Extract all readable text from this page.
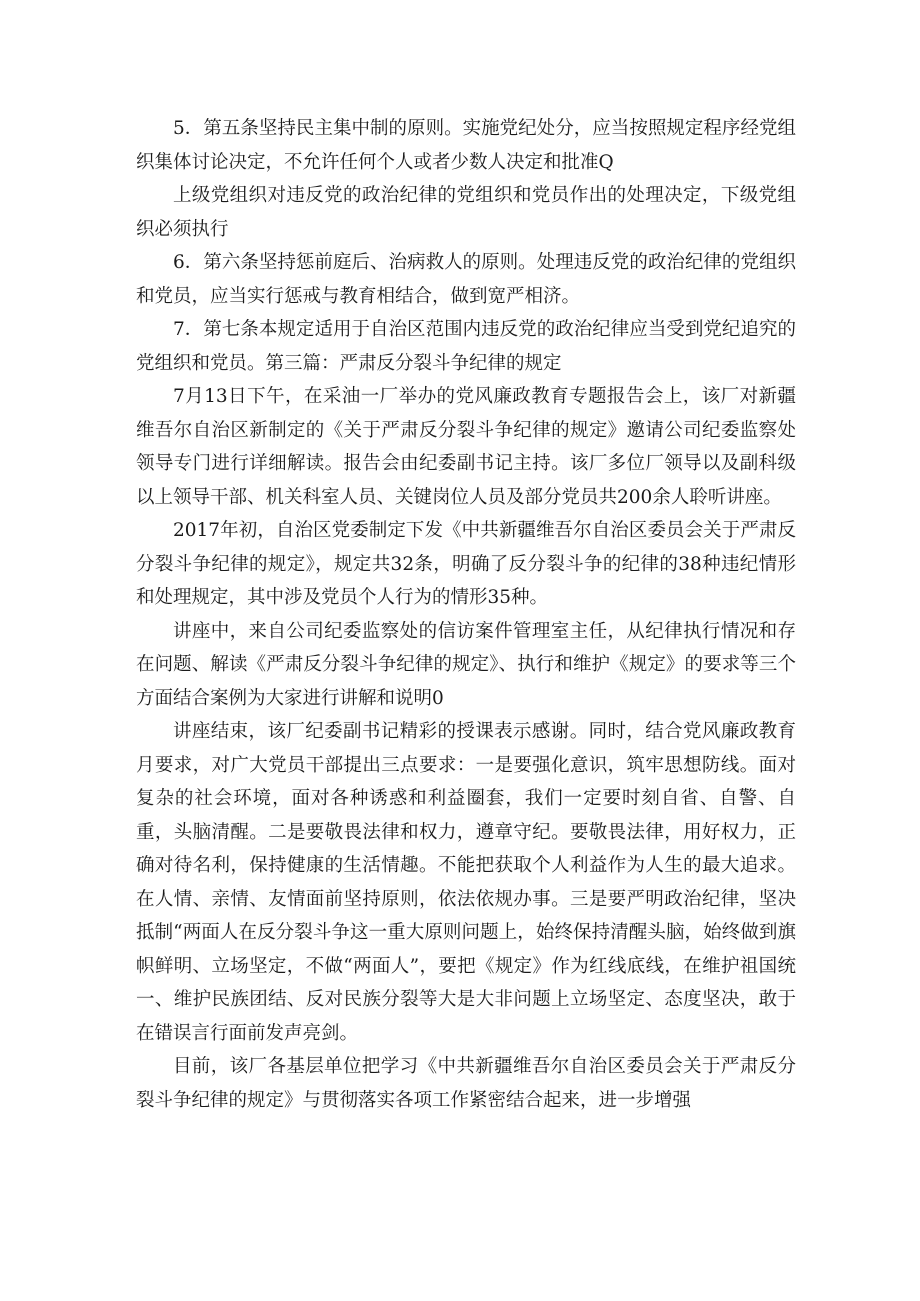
5．第五条坚持民主集中制的原则。实施党纪处分，应当按照规定程序经党组织集体讨论决定，不允许任何个人或者少数人决定和批准Q

上级党组织对违反党的政治纪律的党组织和党员作出的处理决定，下级党组织必须执行

6．第六条坚持惩前庭后、治病救人的原则。处理违反党的政治纪律的党组织和党员，应当实行惩戒与教育相结合，做到宽严相济。

7．第七条本规定适用于自治区范围内违反党的政治纪律应当受到党纪追究的党组织和党员。第三篇：严肃反分裂斗争纪律的规定

7月13日下午，在采油一厂举办的党风廉政教育专题报告会上，该厂对新疆维吾尔自治区新制定的《关于严肃反分裂斗争纪律的规定》邀请公司纪委监察处领导专门进行详细解读。报告会由纪委副书记主持。该厂多位厂领导以及副科级以上领导干部、机关科室人员、关键岗位人员及部分党员共200余人聆听讲座。

2017年初，自治区党委制定下发《中共新疆维吾尔自治区委员会关于严肃反分裂斗争纪律的规定》，规定共32条，明确了反分裂斗争的纪律的38种违纪情形和处理规定，其中涉及党员个人行为的情形35种。

讲座中，来自公司纪委监察处的信访案件管理室主任，从纪律执行情况和存在问题、解读《严肃反分裂斗争纪律的规定》、执行和维护《规定》的要求等三个方面结合案例为大家进行讲解和说明0

讲座结束，该厂纪委副书记精彩的授课表示感谢。同时，结合党风廉政教育月要求，对广大党员干部提出三点要求：一是要强化意识，筑牢思想防线。面对复杂的社会环境，面对各种诱惑和利益圈套，我们一定要时刻自省、自警、自重，头脑清醒。二是要敬畏法律和权力，遵章守纪。要敬畏法律，用好权力，正确对待名利，保持健康的生活情趣。不能把获取个人利益作为人生的最大追求。在人情、亲情、友情面前坚持原则，依法依规办事。三是要严明政治纪律，坚决抵制“两面人在反分裂斗争这一重大原则问题上，始终保持清醒头脑，始终做到旗帜鲜明、立场坚定，不做“两面人”，要把《规定》作为红线底线，在维护祖国统一、维护民族团结、反对民族分裂等大是大非问题上立场坚定、态度坚决，敢于在错误言行面前发声亮剑。

目前，该厂各基层单位把学习《中共新疆维吾尔自治区委员会关于严肃反分裂斗争纪律的规定》与贯彻落实各项工作紧密结合起来，进一步增强
